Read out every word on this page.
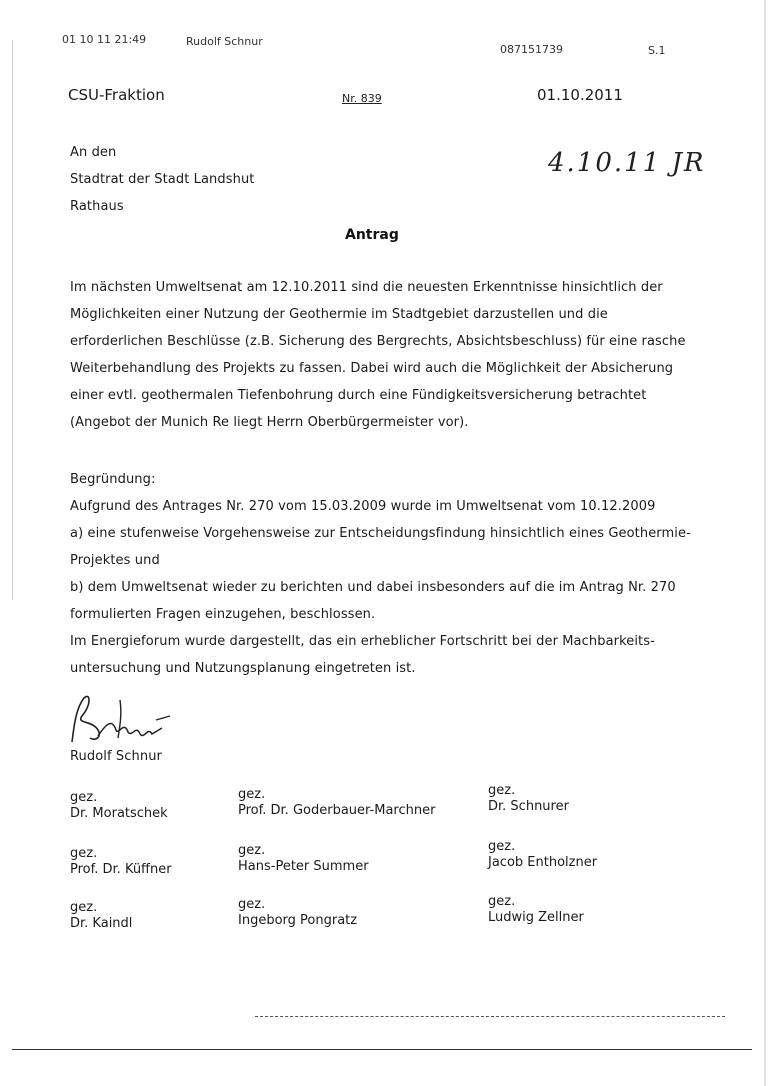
01 10 11 21:49	Rudolf Schnur
087151739	S.1
CSU-Fraktion	Nr. 839	01.10.2011
An den
Stadtrat der Stadt Landshut
Rathaus
4.10.11 JR
Antrag
Im nächsten Umweltsenat am 12.10.2011 sind die neuesten Erkenntnisse hinsichtlich der
Möglichkeiten einer Nutzung der Geothermie im Stadtgebiet darzustellen und die
erforderlichen Beschlüsse (z.B. Sicherung des Bergrechts, Absichtsbeschluss) für eine rasche
Weiterbehandlung des Projekts zu fassen. Dabei wird auch die Möglichkeit der Absicherung
einer evtl. geothermalen Tiefenbohrung durch eine Fündigkeitsversicherung betrachtet
(Angebot der Munich Re liegt Herrn Oberbürgermeister vor).
Begründung:
Aufgrund des Antrages Nr. 270 vom 15.03.2009 wurde im Umweltsenat vom 10.12.2009
a) eine stufenweise Vorgehensweise zur Entscheidungsfindung hinsichtlich eines Geothermie-
Projektes und
b) dem Umweltsenat wieder zu berichten und dabei insbesonders auf die im Antrag Nr. 270
formulierten Fragen einzugehen, beschlossen.
Im Energieforum wurde dargestellt, das ein erheblicher Fortschritt bei der Machbarkeits-
untersuchung und Nutzungsplanung eingetreten ist.
Rudolf Schnur
gez.
Dr. Moratschek
gez.
Prof. Dr. Goderbauer-Marchner
gez.
Dr. Schnurer
gez.
Prof. Dr. Küffner
gez.
Hans-Peter Summer
gez.
Jacob Entholzner
gez.
Dr. Kaindl
gez.
Ingeborg Pongratz
gez.
Ludwig Zellner
